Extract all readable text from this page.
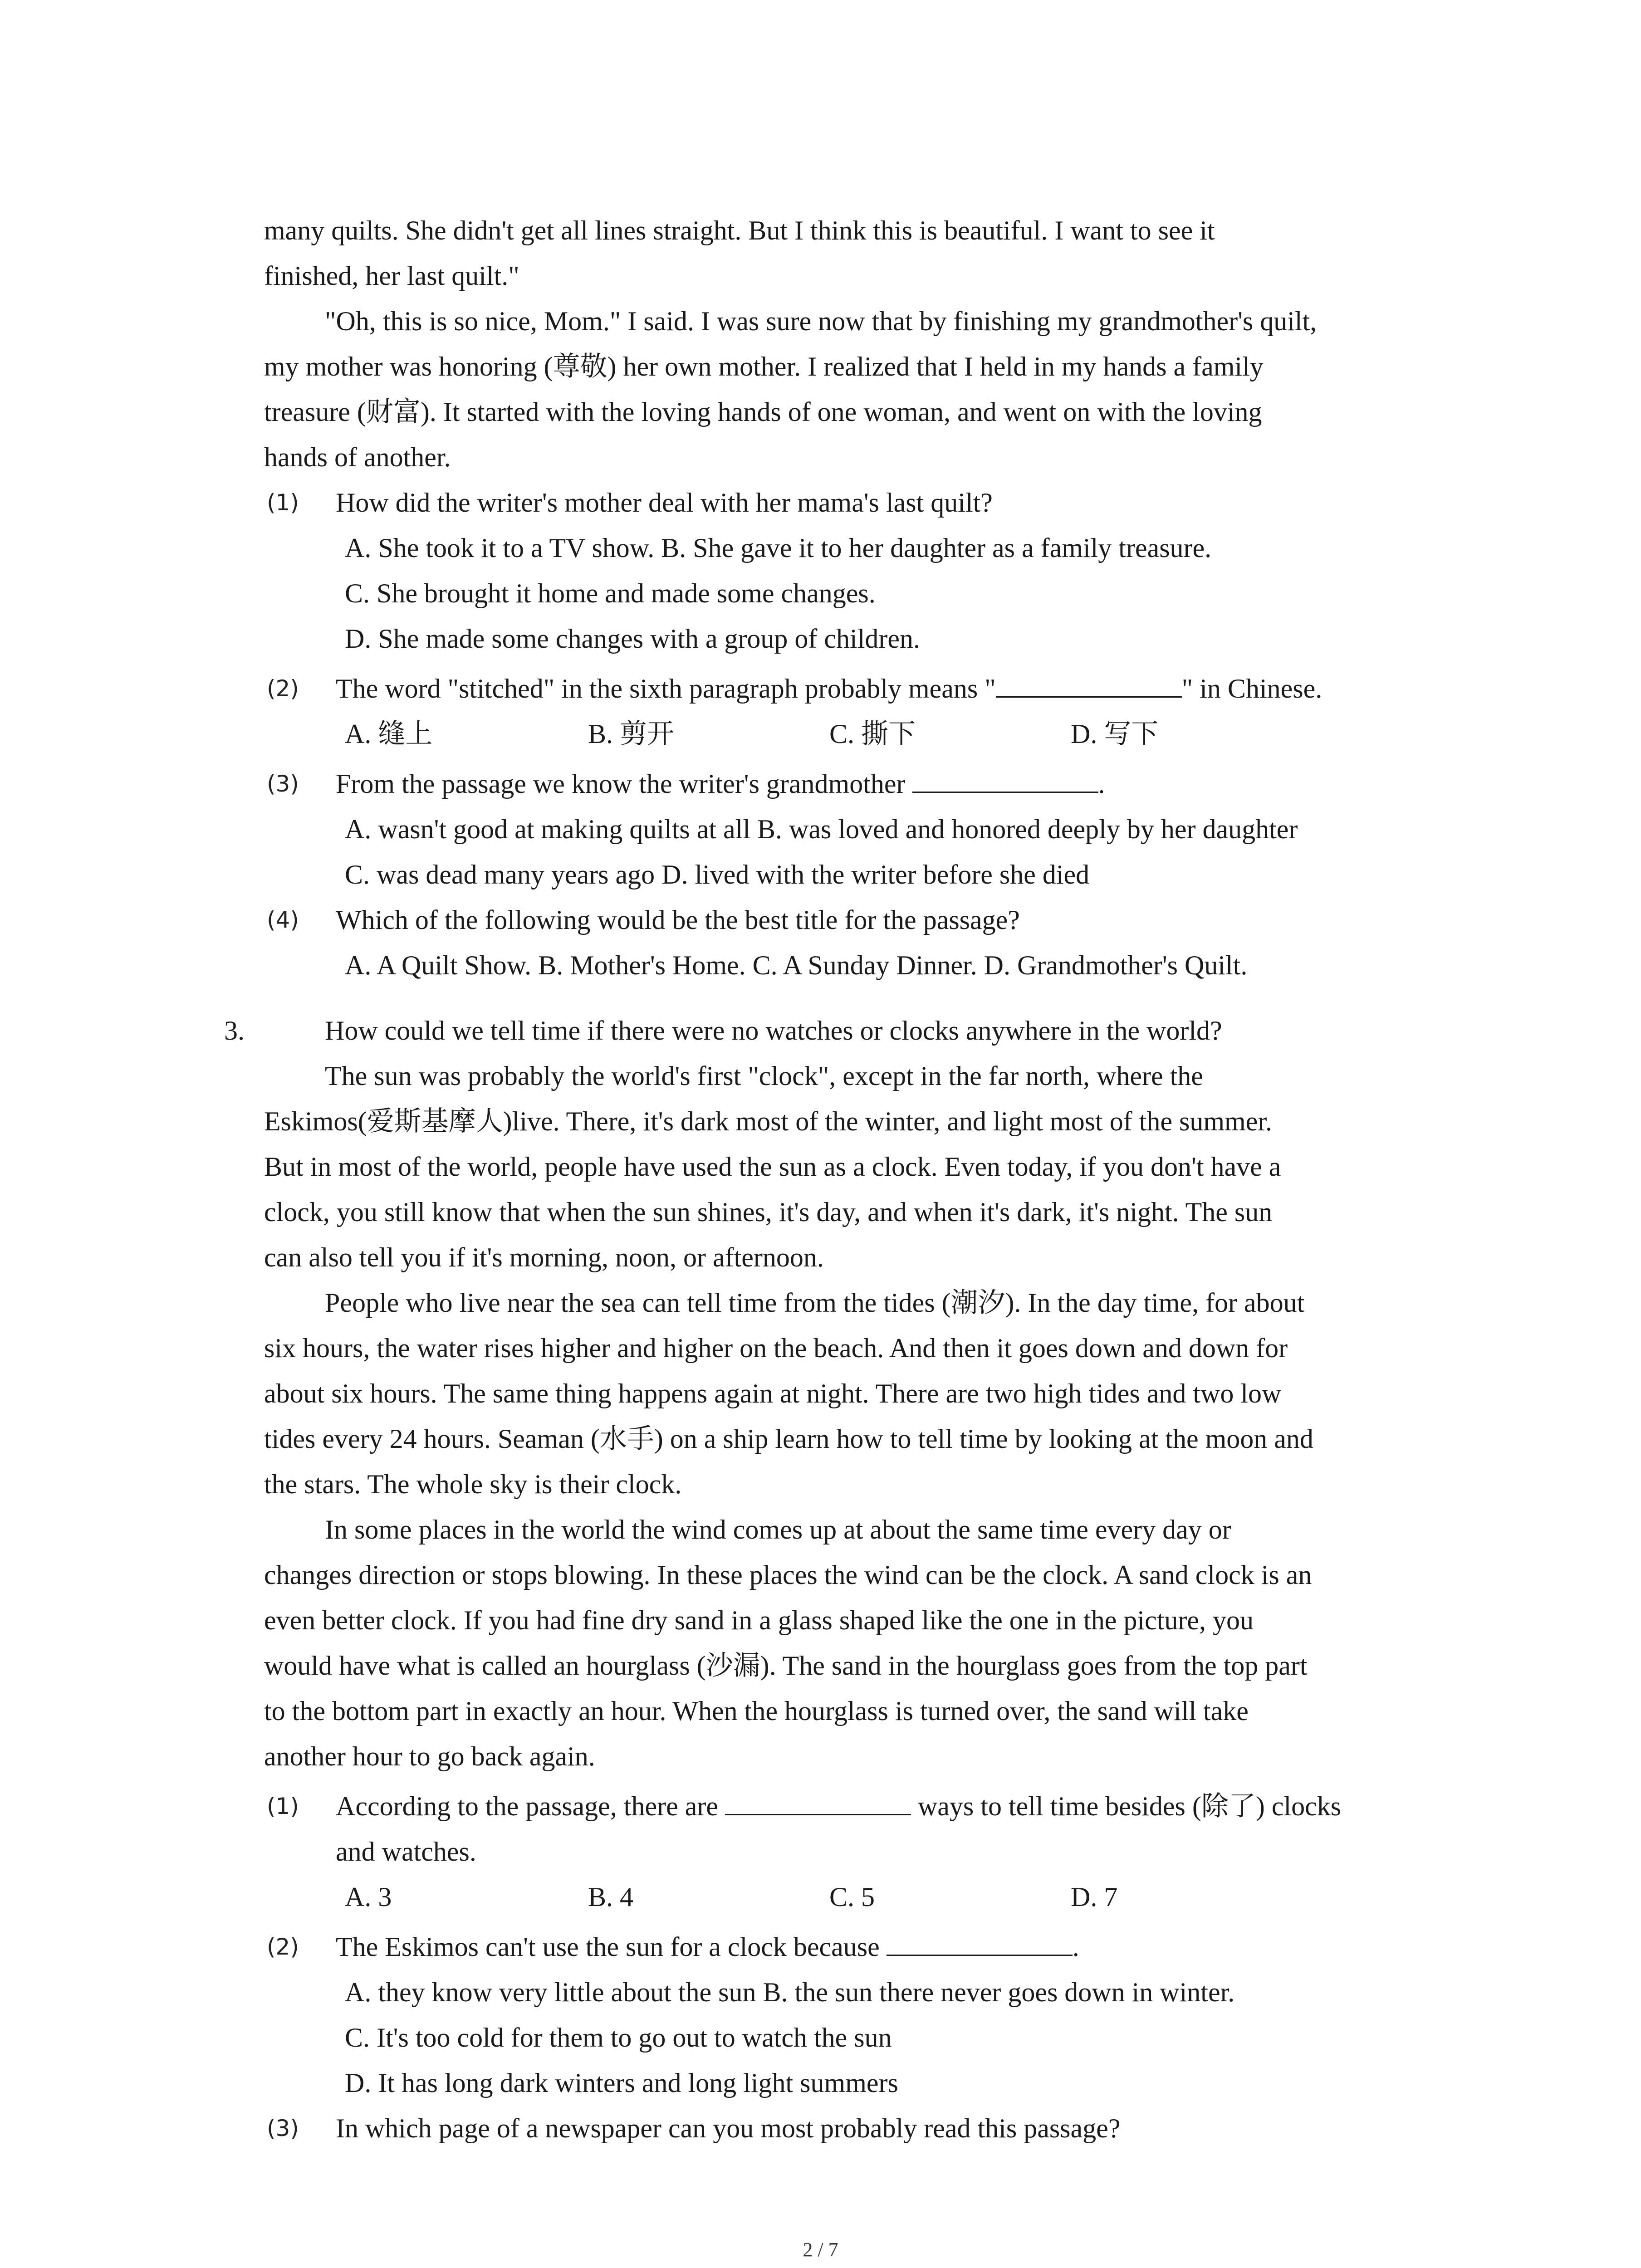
many quilts. She didn't get all lines straight. But I think this is beautiful. I want to see it
finished, her last quilt."
"Oh, this is so nice, Mom." I said. I was sure now that by finishing my grandmother's quilt,
my mother was honoring (尊敬) her own mother. I realized that I held in my hands a family
treasure (财富). It started with the loving hands of one woman, and went on with the loving
hands of another.
(1) How did the writer's mother deal with her mama's last quilt?
A. She took it to a TV show. B. She gave it to her daughter as a family treasure.
C. She brought it home and made some changes.
D. She made some changes with a group of children.
(2) The word "stitched" in the sixth paragraph probably means "	" in Chinese.
A. 缝上	B. 剪开	C. 撕下	D. 写下
(3) From the passage we know the writer's grandmother	.
A. wasn't good at making quilts at all B. was loved and honored deeply by her daughter
C. was dead many years ago D. lived with the writer before she died
(4) Which of the following would be the best title for the passage?
A. A Quilt Show. B. Mother's Home. C. A Sunday Dinner. D. Grandmother's Quilt.
3.	How could we tell time if there were no watches or clocks anywhere in the world?
The sun was probably the world's first "clock", except in the far north, where the
Eskimos(爱斯基摩人)live. There, it's dark most of the winter, and light most of the summer.
But in most of the world, people have used the sun as a clock. Even today, if you don't have a
clock, you still know that when the sun shines, it's day, and when it's dark, it's night. The sun
can also tell you if it's morning, noon, or afternoon.
People who live near the sea can tell time from the tides (潮汐). In the day time, for about
six hours, the water rises higher and higher on the beach. And then it goes down and down for
about six hours. The same thing happens again at night. There are two high tides and two low
tides every 24 hours. Seaman (水手) on a ship learn how to tell time by looking at the moon and
the stars. The whole sky is their clock.
In some places in the world the wind comes up at about the same time every day or
changes direction or stops blowing. In these places the wind can be the clock. A sand clock is an
even better clock. If you had fine dry sand in a glass shaped like the one in the picture, you
would have what is called an hourglass (沙漏). The sand in the hourglass goes from the top part
to the bottom part in exactly an hour. When the hourglass is turned over, the sand will take
another hour to go back again.
(1) According to the passage, there are	ways to tell time besides (除了) clocks
and watches.
A. 3	B. 4	C. 5	D. 7
(2) The Eskimos can't use the sun for a clock because	.
A. they know very little about the sun B. the sun there never goes down in winter.
C. It's too cold for them to go out to watch the sun
D. It has long dark winters and long light summers
(3) In which page of a newspaper can you most probably read this passage?
2 / 7
